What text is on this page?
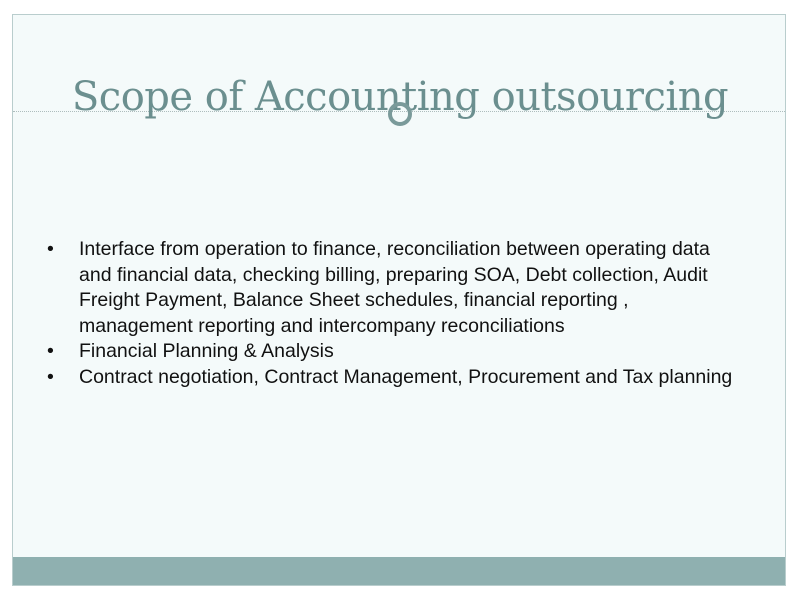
Scope of Accounting outsourcing
•	Interface from operation to finance, reconciliation between operating data and financial data, checking billing, preparing SOA, Debt collection, Audit Freight Payment, Balance Sheet schedules, financial reporting , management reporting and intercompany reconciliations
•	Financial Planning & Analysis
•	Contract negotiation, Contract Management, Procurement and Tax planning
